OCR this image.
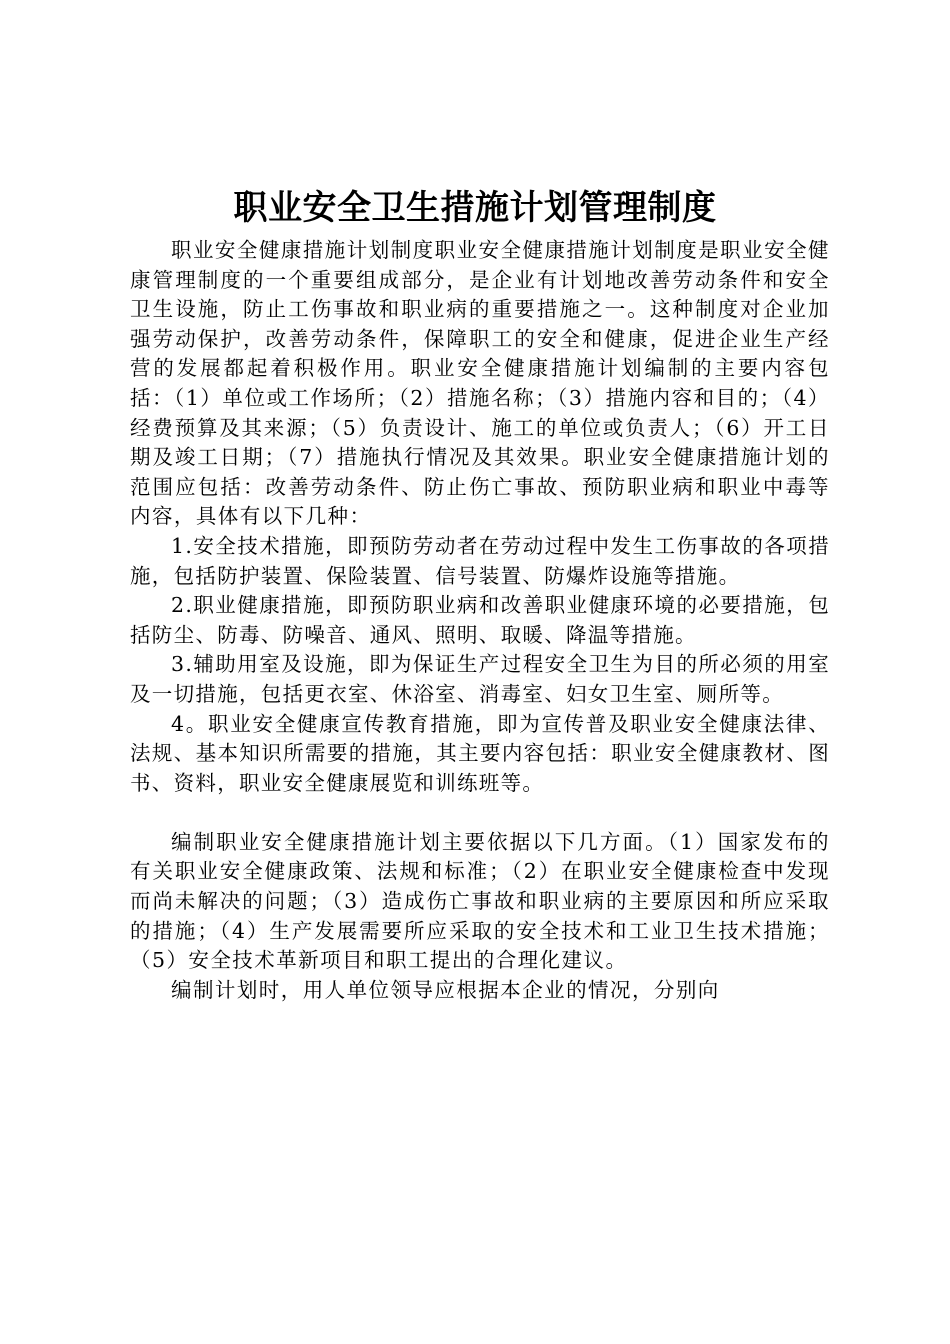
职业安全卫生措施计划管理制度

职业安全健康措施计划制度职业安全健康措施计划制度是职业安全健康管理制度的一个重要组成部分，是企业有计划地改善劳动条件和安全卫生设施，防止工伤事故和职业病的重要措施之一。这种制度对企业加强劳动保护，改善劳动条件，保障职工的安全和健康，促进企业生产经营的发展都起着积极作用。职业安全健康措施计划编制的主要内容包括：（1）单位或工作场所；（2）措施名称；（3）措施内容和目的；（4）经费预算及其来源；（5）负责设计、施工的单位或负责人；（6）开工日期及竣工日期；（7）措施执行情况及其效果。职业安全健康措施计划的范围应包括：改善劳动条件、防止伤亡事故、预防职业病和职业中毒等内容，具体有以下几种：

1.安全技术措施，即预防劳动者在劳动过程中发生工伤事故的各项措施，包括防护装置、保险装置、信号装置、防爆炸设施等措施。

2.职业健康措施，即预防职业病和改善职业健康环境的必要措施，包括防尘、防毒、防噪音、通风、照明、取暖、降温等措施。

3.辅助用室及设施，即为保证生产过程安全卫生为目的所必须的用室及一切措施，包括更衣室、休浴室、消毒室、妇女卫生室、厕所等。

4。职业安全健康宣传教育措施，即为宣传普及职业安全健康法律、法规、基本知识所需要的措施，其主要内容包括：职业安全健康教材、图书、资料，职业安全健康展览和训练班等。

编制职业安全健康措施计划主要依据以下几方面。（1）国家发布的有关职业安全健康政策、法规和标准；（2）在职业安全健康检查中发现而尚未解决的问题；（3）造成伤亡事故和职业病的主要原因和所应采取的措施；（4）生产发展需要所应采取的安全技术和工业卫生技术措施；（5）安全技术革新项目和职工提出的合理化建议。

编制计划时，用人单位领导应根据本企业的情况，分别向
